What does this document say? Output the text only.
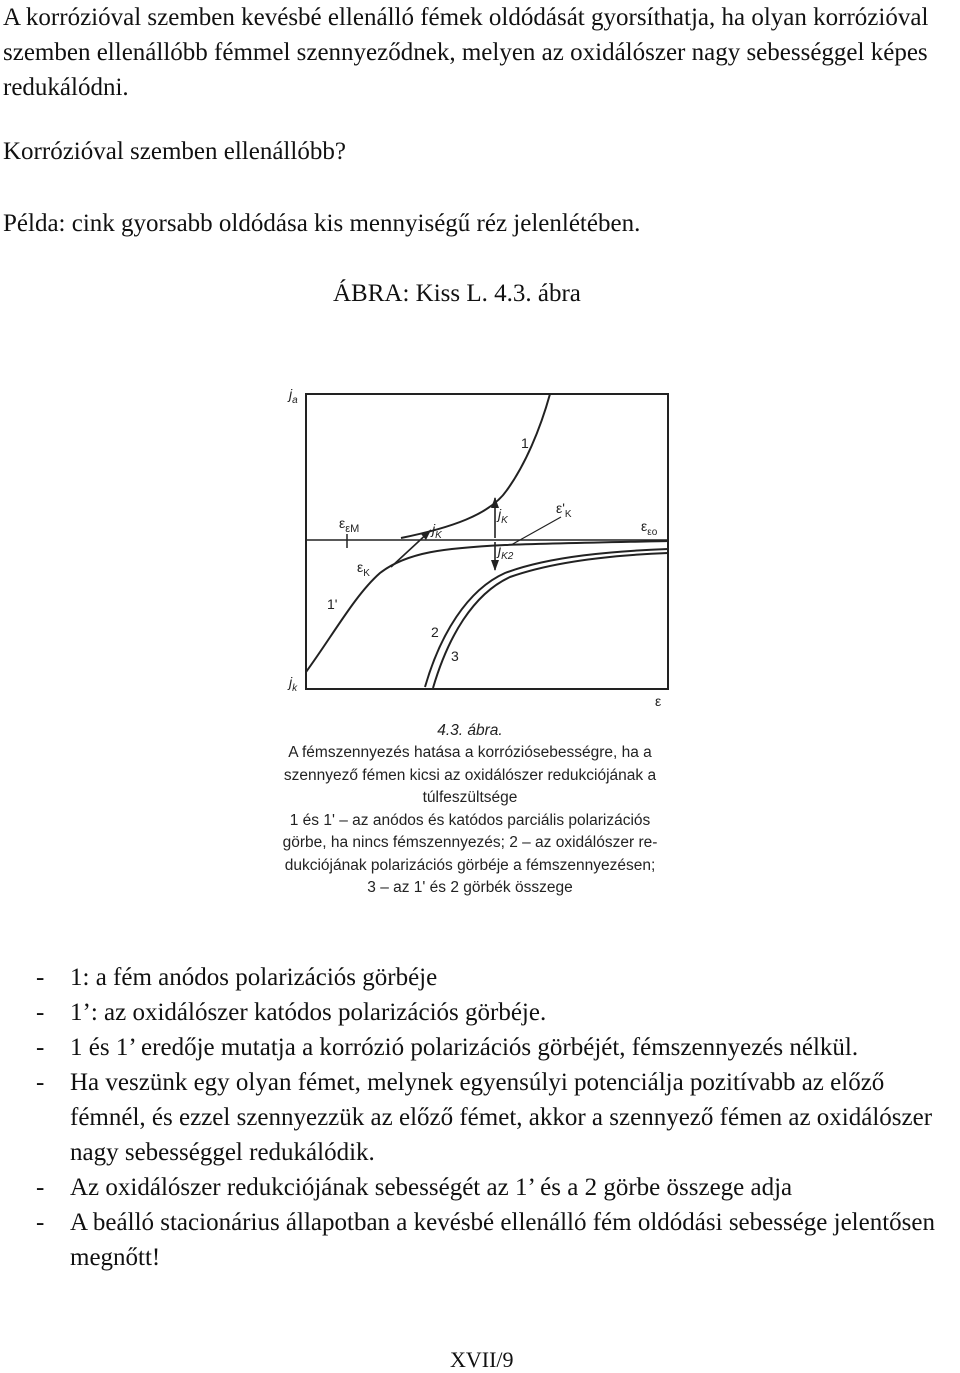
A korrózióval szemben kevésbé ellenálló fémek oldódását gyorsíthatja, ha olyan korrózióval szemben ellenállóbb fémmel szennyeződnek, melyen az oxidálószer nagy sebességgel képes redukálódni.

Korrózióval szemben ellenállóbb?

Példa: cink gyorsabb oldódása kis mennyiségű réz jelenlétében.

ÁBRA: Kiss L. 4.3. ábra
$j_a$
$j_k$
ε
1
1'
2
3
$\varepsilon_{\varepsilon M}$
$\varepsilon_K$
$j_K$
$j_K$
$\varepsilon'_K$
$\varepsilon_{\varepsilon o}$
$j_{K2}$
4.3. ábra.
A fémszennyezés hatása a korróziósebességre, ha a
szennyező fémen kicsi az oxidálószer redukciójának a
túlfeszültsége
1 és 1' – az anódos és katódos parciális polarizációs
görbe, ha nincs fémszennyezés; 2 – az oxidálószer re-
dukciójának polarizációs görbéje a fémszennyezésen;
3 – az 1' és 2 görbék összege
-	1: a fém anódos polarizációs görbéje
-	1’: az oxidálószer katódos polarizációs görbéje.
-	1 és 1’ eredője mutatja a korrózió polarizációs görbéjét, fémszennyezés nélkül.
-	Ha veszünk egy olyan fémet, melynek egyensúlyi potenciálja pozitívabb az előző fémnél, és ezzel szennyezzük az előző fémet, akkor a szennyező fémen az oxidálószer nagy sebességgel redukálódik.
-	Az oxidálószer redukciójának sebességét az 1’ és a 2 görbe összege adja
-	A beálló stacionárius állapotban a kevésbé ellenálló fém oldódási sebessége jelentősen megnőtt!
XVII/9
